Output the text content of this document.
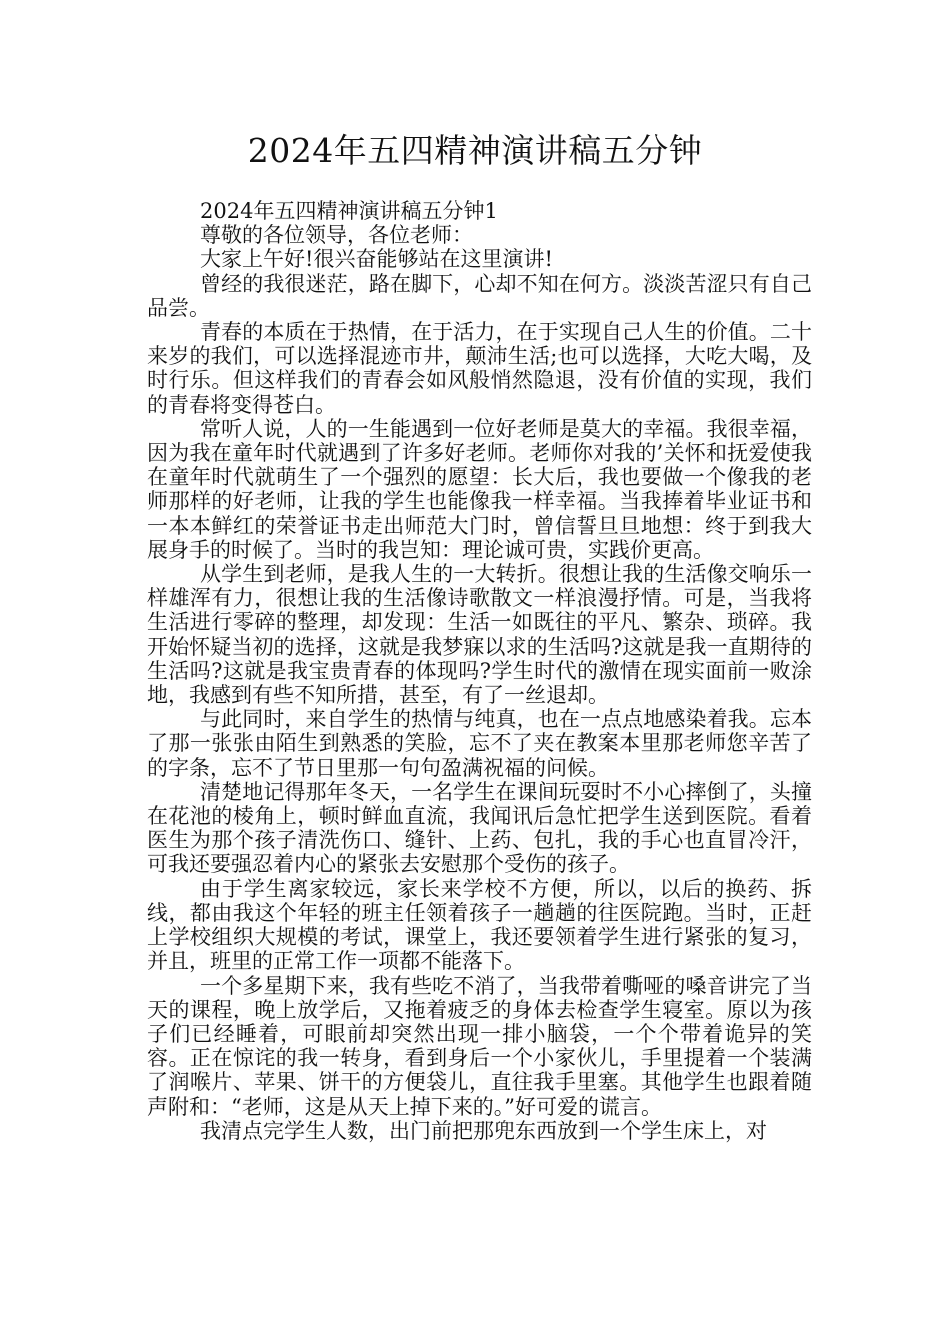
2024年五四精神演讲稿五分钟

2024年五四精神演讲稿五分钟1

尊敬的各位领导，各位老师：

大家上午好!很兴奋能够站在这里演讲!

曾经的我很迷茫，路在脚下，心却不知在何方。淡淡苦涩只有自己品尝。

青春的本质在于热情，在于活力，在于实现自己人生的价值。二十来岁的我们，可以选择混迹市井，颠沛生活;也可以选择，大吃大喝，及时行乐。但这样我们的青春会如风般悄然隐退，没有价值的实现，我们的青春将变得苍白。

常听人说，人的一生能遇到一位好老师是莫大的幸福。我很幸福，因为我在童年时代就遇到了许多好老师。老师你对我的’关怀和抚爱使我在童年时代就萌生了一个强烈的愿望：长大后，我也要做一个像我的老师那样的好老师，让我的学生也能像我一样幸福。当我捧着毕业证书和一本本鲜红的荣誉证书走出师范大门时，曾信誓旦旦地想：终于到我大展身手的时候了。当时的我岂知：理论诚可贵，实践价更高。

从学生到老师，是我人生的一大转折。很想让我的生活像交响乐一样雄浑有力，很想让我的生活像诗歌散文一样浪漫抒情。可是，当我将生活进行零碎的整理，却发现：生活一如既往的平凡、繁杂、琐碎。我开始怀疑当初的选择，这就是我梦寐以求的生活吗?这就是我一直期待的生活吗?这就是我宝贵青春的体现吗?学生时代的激情在现实面前一败涂地，我感到有些不知所措，甚至，有了一丝退却。

与此同时，来自学生的热情与纯真，也在一点点地感染着我。忘本了那一张张由陌生到熟悉的笑脸，忘不了夹在教案本里那老师您辛苦了的字条，忘不了节日里那一句句盈满祝福的问候。

清楚地记得那年冬天，一名学生在课间玩耍时不小心摔倒了，头撞在花池的棱角上，顿时鲜血直流，我闻讯后急忙把学生送到医院。看着医生为那个孩子清洗伤口、缝针、上药、包扎，我的手心也直冒冷汗，可我还要强忍着内心的紧张去安慰那个受伤的孩子。

由于学生离家较远，家长来学校不方便，所以，以后的换药、拆线，都由我这个年轻的班主任领着孩子一趟趟的往医院跑。当时，正赶上学校组织大规模的考试，课堂上，我还要领着学生进行紧张的复习，并且，班里的正常工作一项都不能落下。

一个多星期下来，我有些吃不消了，当我带着嘶哑的嗓音讲完了当天的课程，晚上放学后，又拖着疲乏的身体去检查学生寝室。原以为孩子们已经睡着，可眼前却突然出现一排小脑袋，一个个带着诡异的笑容。正在惊诧的我一转身，看到身后一个小家伙儿，手里提着一个装满了润喉片、苹果、饼干的方便袋儿，直往我手里塞。其他学生也跟着随声附和：“老师，这是从天上掉下来的。”好可爱的谎言。

我清点完学生人数，出门前把那兜东西放到一个学生床上，对
